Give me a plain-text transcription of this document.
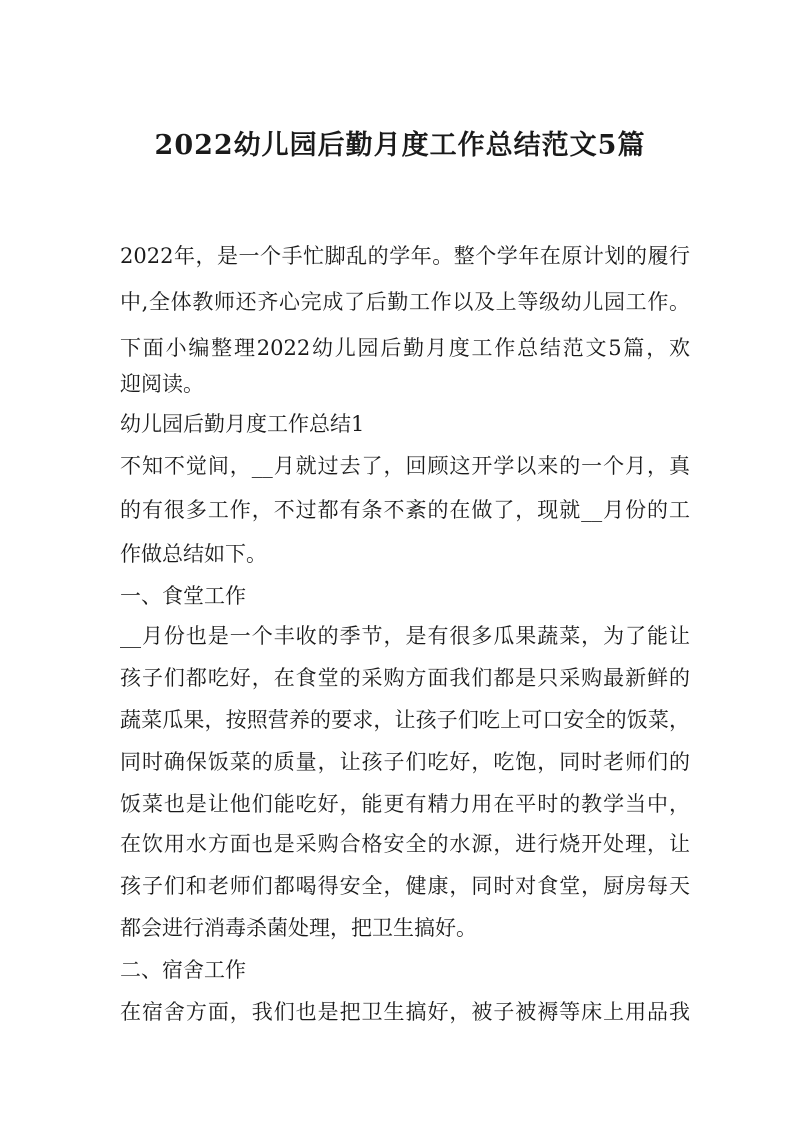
2022幼儿园后勤月度工作总结范文5篇
2022年，是一个手忙脚乱的学年。整个学年在原计划的履行
中,全体教师还齐心完成了后勤工作以及上等级幼儿园工作。
下面小编整理2022幼儿园后勤月度工作总结范文5篇，欢
迎阅读。
幼儿园后勤月度工作总结1
不知不觉间，__月就过去了，回顾这开学以来的一个月，真
的有很多工作，不过都有条不紊的在做了，现就__月份的工
作做总结如下。
一、食堂工作
__月份也是一个丰收的季节，是有很多瓜果蔬菜，为了能让
孩子们都吃好，在食堂的采购方面我们都是只采购最新鲜的
蔬菜瓜果，按照营养的要求，让孩子们吃上可口安全的饭菜，
同时确保饭菜的质量，让孩子们吃好，吃饱，同时老师们的
饭菜也是让他们能吃好，能更有精力用在平时的教学当中，
在饮用水方面也是采购合格安全的水源，进行烧开处理，让
孩子们和老师们都喝得安全，健康，同时对食堂，厨房每天
都会进行消毒杀菌处理，把卫生搞好。
二、宿舍工作
在宿舍方面，我们也是把卫生搞好，被子被褥等床上用品我
